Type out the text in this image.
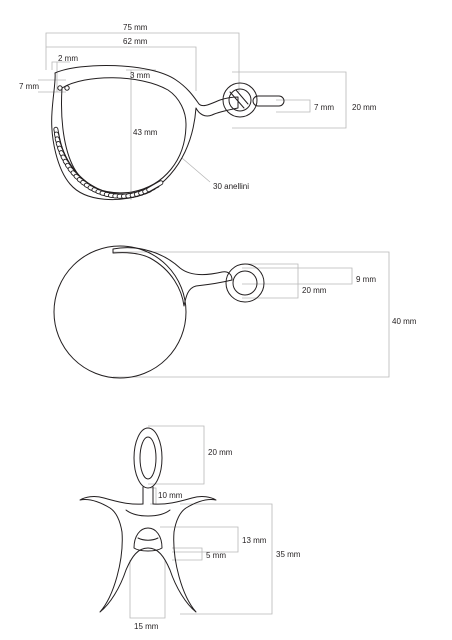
75 mm
62 mm
2 mm
7 mm
3 mm
43 mm
7 mm 20 mm
30 anellini
9 mm
20 mm
40 mm
20 mm
10 mm
13 mm
5 mm	35 mm
15 mm
